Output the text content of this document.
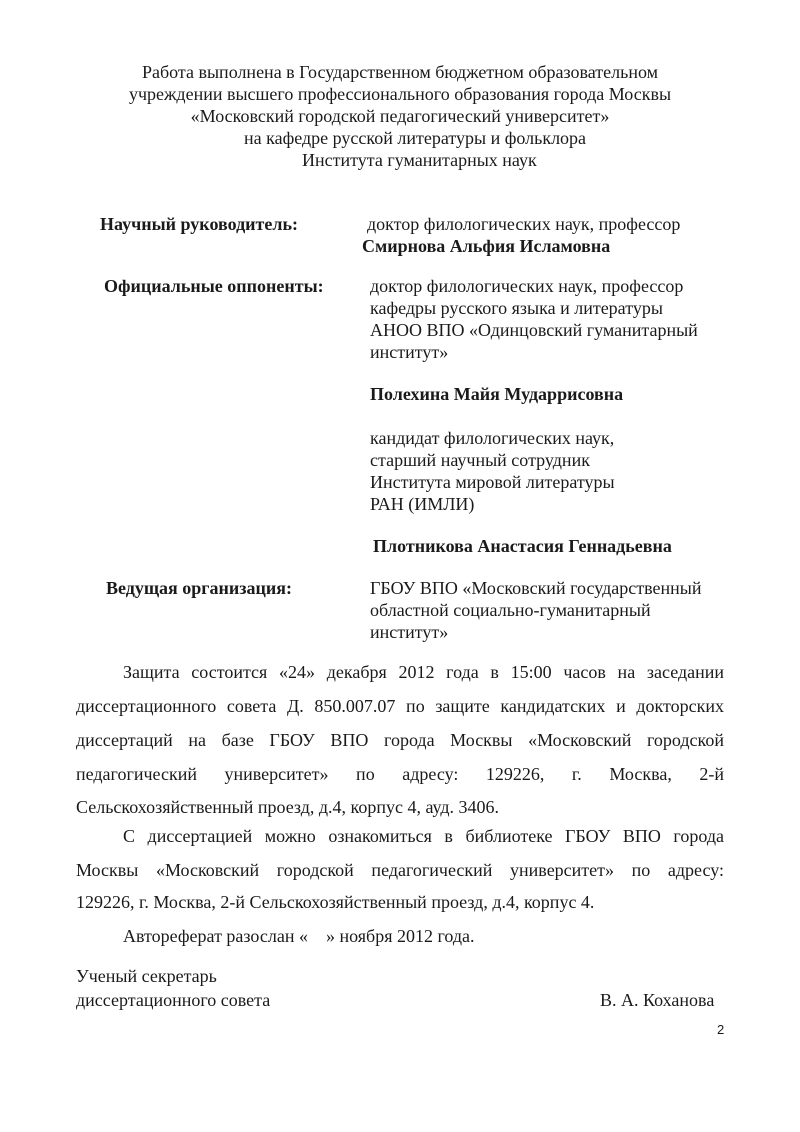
Работа выполнена в Государственном бюджетном образовательном

учреждении высшего профессионального образования города Москвы

«Московский городской педагогический университет»

на кафедре русской литературы и фольклора

Института гуманитарных наук

Научный руководитель:	доктор филологических наук, профессор

Смирнова Альфия Исламовна

Официальные оппоненты:	доктор филологических наук, профессор

кафедры русского языка и литературы

АНОО ВПО «Одинцовский гуманитарный

институт»

Полехина Майя Мударрисовна

кандидат филологических наук,

старший научный сотрудник

Института мировой литературы

РАН (ИМЛИ)

Плотникова Анастасия Геннадьевна

Ведущая организация:	ГБОУ ВПО «Московский государственный

областной социально-гуманитарный

институт»

Защита состоится «24» декабря 2012 года в 15:00 часов на заседании
диссертационного совета Д. 850.007.07 по защите кандидатских и докторских
диссертаций на базе ГБОУ ВПО города Москвы «Московский городской
педагогический университет» по адресу: 129226, г. Москва, 2-й
Сельскохозяйственный проезд, д.4, корпус 4, ауд. 3406.
С диссертацией можно ознакомиться в библиотеке ГБОУ ВПО города
Москвы «Московский городской педагогический университет» по адресу:
129226, г. Москва, 2-й Сельскохозяйственный проезд, д.4, корпус 4.

Автореферат разослан «    » ноября 2012 года.

Ученый секретарь

диссертационного совета	В. А. Коханова

2
